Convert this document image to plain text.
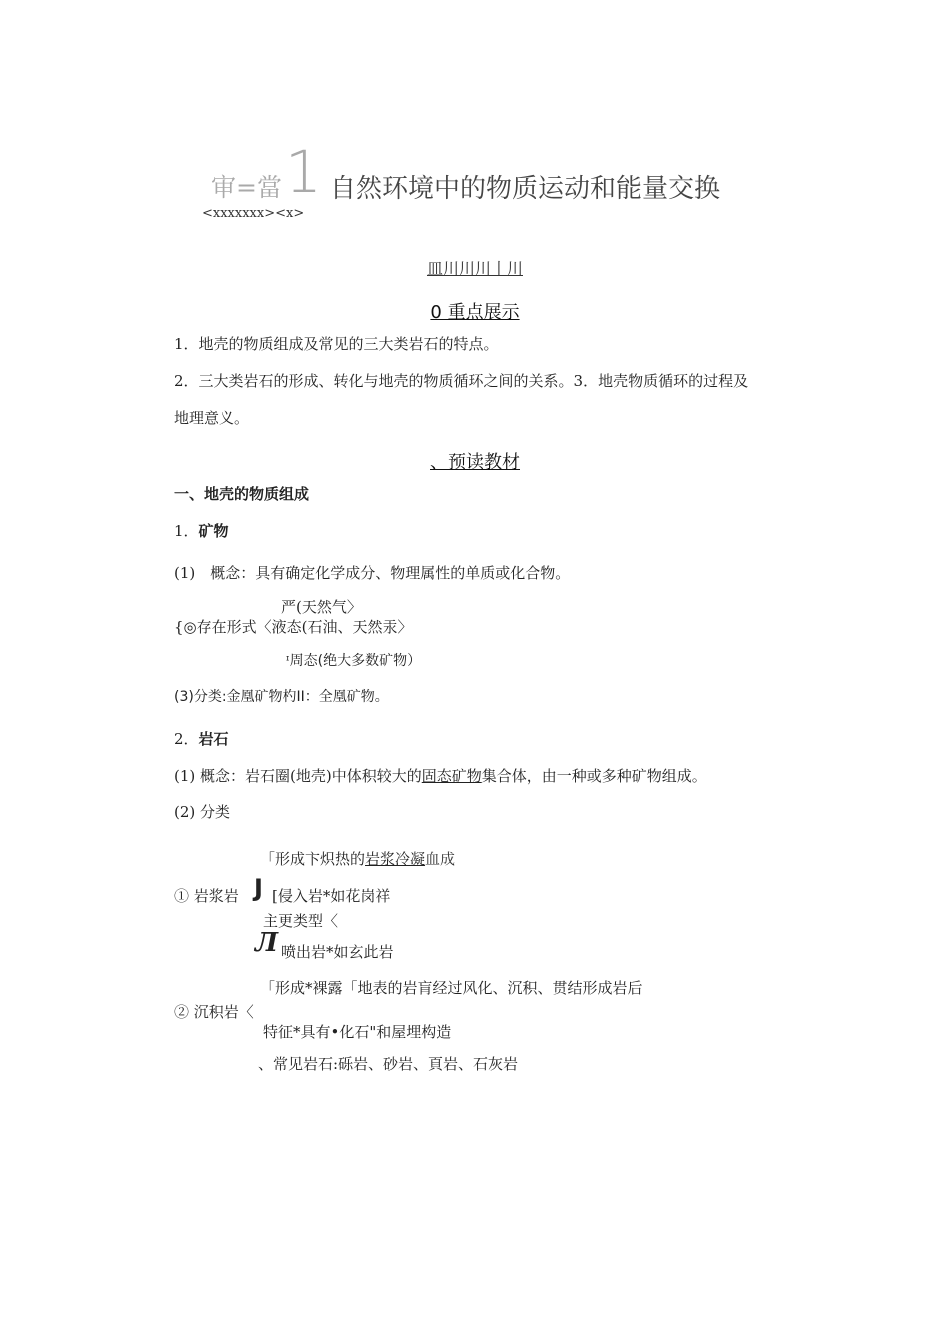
审=當 1 自然环境中的物质运动和能量交换
<xxxxxxx><x>
皿川川川丨川
0 重点展示
1．地壳的物质组成及常见的三大类岩石的特点。
2．三大类岩石的形成、转化与地壳的物质循环之间的关系。3．地壳物质循环的过程及
地理意义。
、预读教材
一、地壳的物质组成
1．矿物
(1)　概念：具有确定化学成分、物理属性的单质或化合物。
严(天然气〉
{◎存在形式〈液态(石油、天然汞〉
ᶦ周态(绝大多数矿物）
(3)分类:金凰矿物杓II：全凰矿物。
2．岩石
(1) 概念：岩石圈(地壳)中体积较大的固态矿物集合体，由一种或多种矿物组成。
(2) 分类
「形成卞炽热的岩浆冷凝血成
① 岩浆岩 J [侵入岩*如花岗祥
主更类型〈
Л 喷出岩*如玄此岩
「形成*裸露「地表的岩肓经过风化、沉积、贯结形成岩后
② 沉积岩〈
特征*具有•化石"和屋埋构造
、常见岩石:砾岩、砂岩、頁岩、石灰岩
